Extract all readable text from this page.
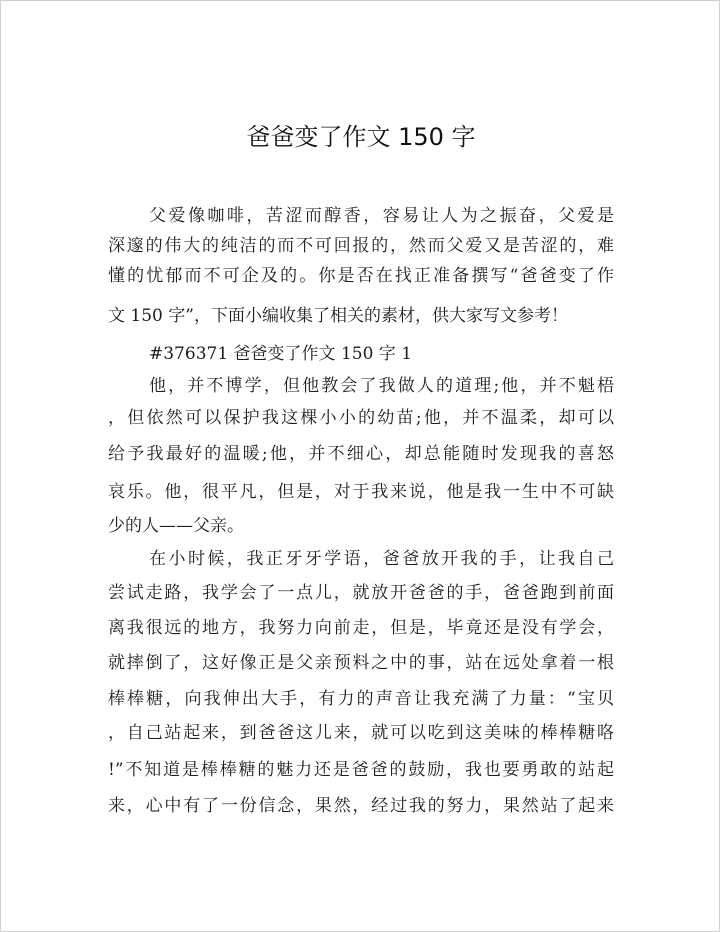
爸爸变了作文 150 字
父爱像咖啡，苦涩而醇香，容易让人为之振奋，父爱是
深邃的伟大的纯洁的而不可回报的，然而父爱又是苦涩的，难
懂的忧郁而不可企及的。你是否在找正准备撰写“爸爸变了作
文 150 字”，下面小编收集了相关的素材，供大家写文参考！
#376371 爸爸变了作文 150 字 1
他，并不博学，但他教会了我做人的道理;他，并不魁梧
，但依然可以保护我这棵小小的幼苗;他，并不温柔，却可以
给予我最好的温暖;他，并不细心，却总能随时发现我的喜怒
哀乐。他，很平凡，但是，对于我来说，他是我一生中不可缺
少的人——父亲。
在小时候，我正牙牙学语，爸爸放开我的手，让我自己
尝试走路，我学会了一点儿，就放开爸爸的手，爸爸跑到前面
离我很远的地方，我努力向前走，但是，毕竟还是没有学会，
就摔倒了，这好像正是父亲预料之中的事，站在远处拿着一根
棒棒糖，向我伸出大手，有力的声音让我充满了力量：“宝贝
，自己站起来，到爸爸这儿来，就可以吃到这美味的棒棒糖咯
!”不知道是棒棒糖的魅力还是爸爸的鼓励，我也要勇敢的站起
来，心中有了一份信念，果然，经过我的努力，果然站了起来
